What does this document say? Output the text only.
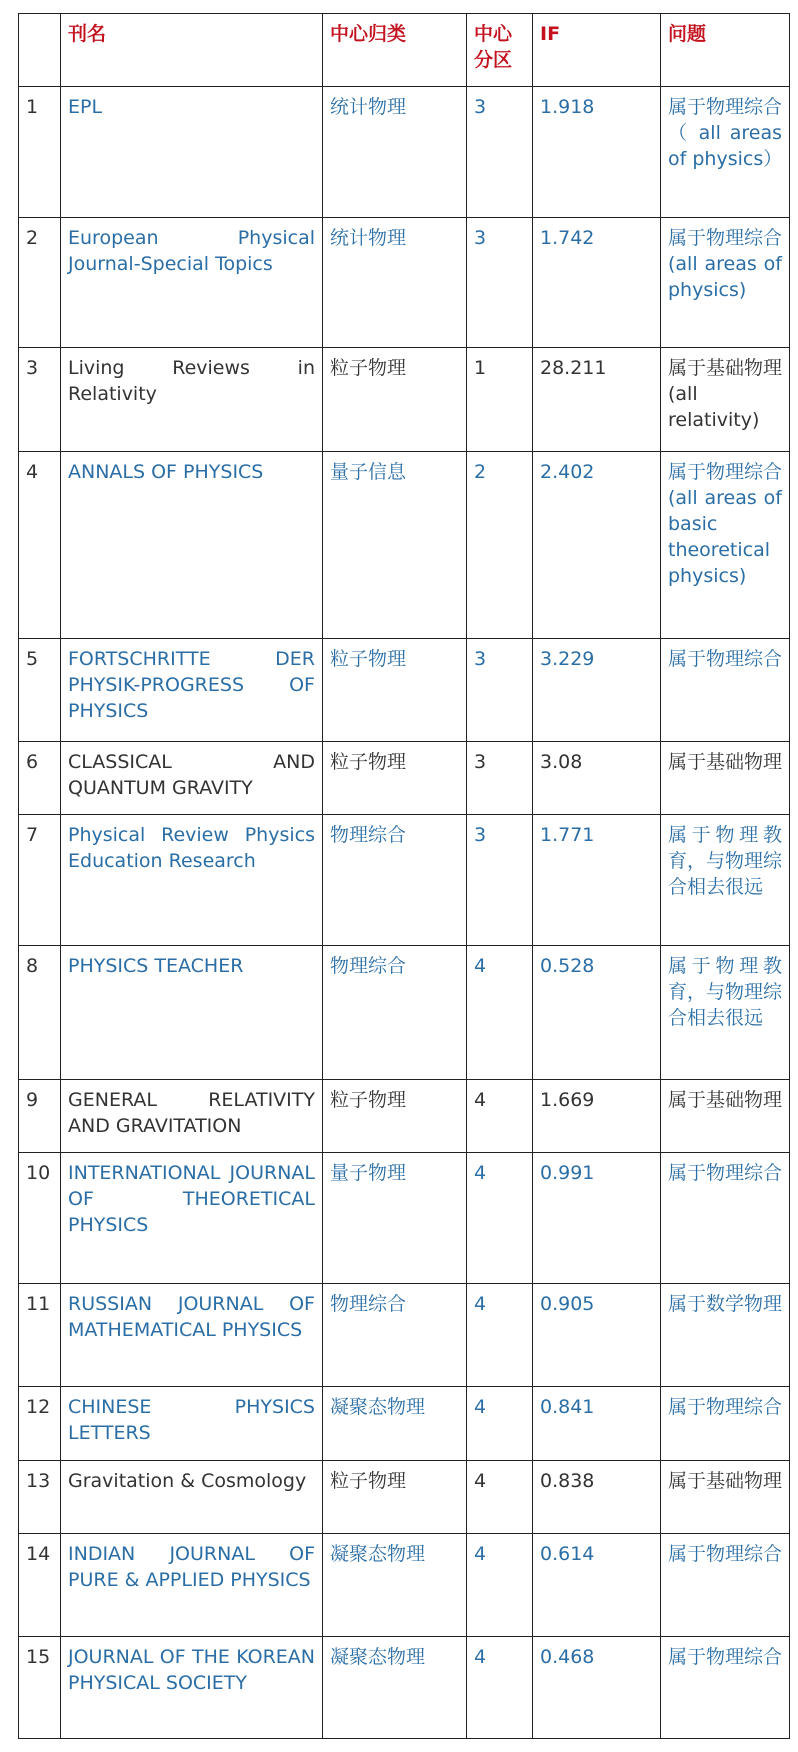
	刊名	中心归类	中心分区	IF	问题
1	EPL	统计物理	3	1.918	属于物理综合（ all areas of physics）
2	European Physical Journal-Special Topics	统计物理	3	1.742	属于物理综合 (all areas of physics)
3	Living Reviews in Relativity	粒子物理	1	28.211	属于基础物理 (all relativity)
4	ANNALS OF PHYSICS	量子信息	2	2.402	属于物理综合 (all areas of basic theoretical physics)
5	FORTSCHRITTE DER PHYSIK-PROGRESS OF PHYSICS	粒子物理	3	3.229	属于物理综合
6	CLASSICAL AND QUANTUM GRAVITY	粒子物理	3	3.08	属于基础物理
7	Physical Review Physics Education Research	物理综合	3	1.771	属于物理教育，与物理综合相去很远
8	PHYSICS TEACHER	物理综合	4	0.528	属于物理教育，与物理综合相去很远
9	GENERAL RELATIVITY AND GRAVITATION	粒子物理	4	1.669	属于基础物理
10	INTERNATIONAL JOURNAL OF THEORETICAL PHYSICS	量子物理	4	0.991	属于物理综合
11	RUSSIAN JOURNAL OF MATHEMATICAL PHYSICS	物理综合	4	0.905	属于数学物理
12	CHINESE PHYSICS LETTERS	凝聚态物理	4	0.841	属于物理综合
13	Gravitation & Cosmology	粒子物理	4	0.838	属于基础物理
14	INDIAN JOURNAL OF PURE & APPLIED PHYSICS	凝聚态物理	4	0.614	属于物理综合
15	JOURNAL OF THE KOREAN PHYSICAL SOCIETY	凝聚态物理	4	0.468	属于物理综合
